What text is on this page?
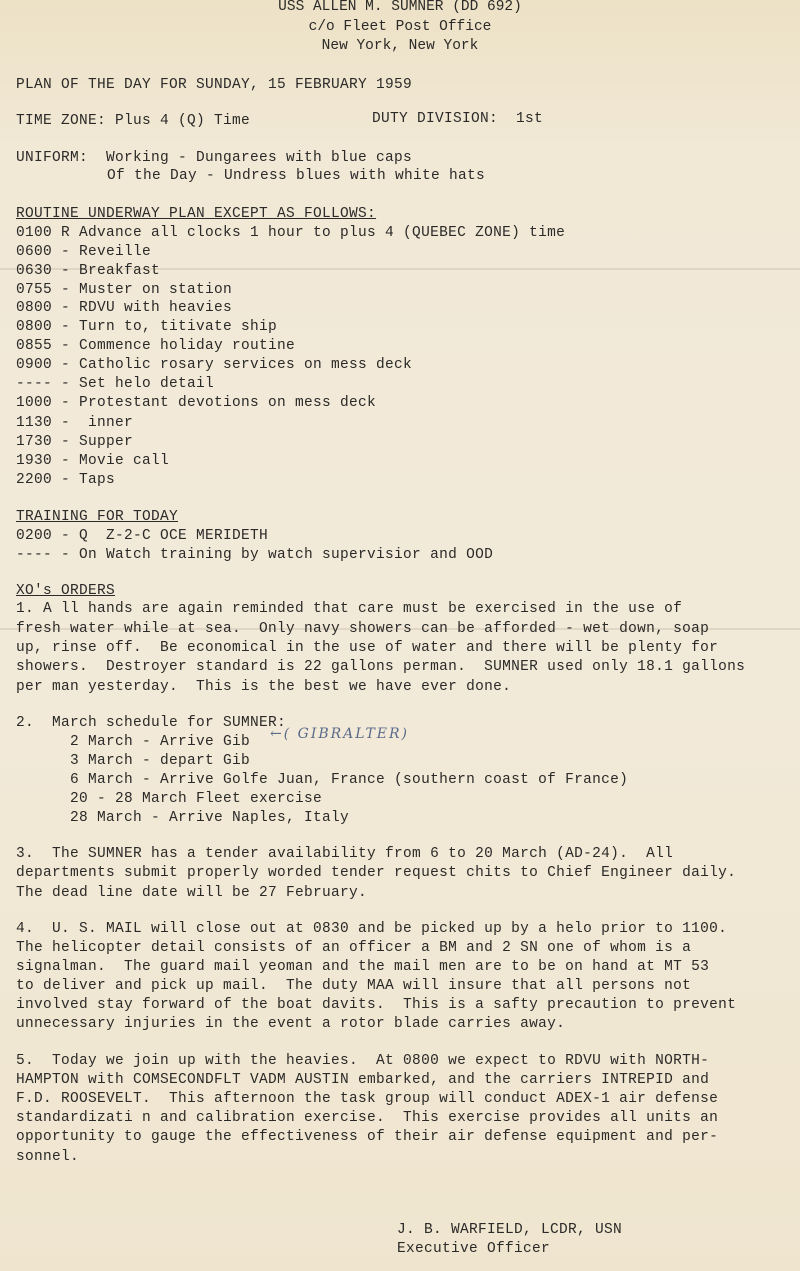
USS ALLEN M. SUMNER (DD 692)
c/o Fleet Post Office
New York, New York
PLAN OF THE DAY FOR SUNDAY, 15 FEBRUARY 1959
TIME ZONE: Plus 4 (Q) Time	DUTY DIVISION:  1st
UNIFORM:  Working - Dungarees with blue caps
Of the Day - Undress blues with white hats
ROUTINE UNDERWAY PLAN EXCEPT AS FOLLOWS:
0100 R Advance all clocks 1 hour to plus 4 (QUEBEC ZONE) time
0600 - Reveille
0630 - Breakfast
0755 - Muster on station
0800 - RDVU with heavies
0800 - Turn to, titivate ship
0855 - Commence holiday routine
0900 - Catholic rosary services on mess deck
---- - Set helo detail
1000 - Protestant devotions on mess deck
1130 -  inner
1730 - Supper
1930 - Movie call
2200 - Taps
TRAINING FOR TODAY
0200 - Q  Z-2-C OCE MERIDETH
---- - On Watch training by watch supervisior and OOD
XO's ORDERS
1. A ll hands are again reminded that care must be exercised in the use of
fresh water while at sea.  Only navy showers can be afforded - wet down, soap
up, rinse off.  Be economical in the use of water and there will be plenty for
showers.  Destroyer standard is 22 gallons perman.  SUMNER used only 18.1 gallons
per man yesterday.  This is the best we have ever done.
2.  March schedule for SUMNER:
2 March - Arrive Gib
3 March - depart Gib
6 March - Arrive Golfe Juan, France (southern coast of France)
20 - 28 March Fleet exercise
28 March - Arrive Naples, Italy
←( GIBRALTER)
3.  The SUMNER has a tender availability from 6 to 20 March (AD-24).  All
departments submit properly worded tender request chits to Chief Engineer daily.
The dead line date will be 27 February.
4.  U. S. MAIL will close out at 0830 and be picked up by a helo prior to 1100.
The helicopter detail consists of an officer a BM and 2 SN one of whom is a
signalman.  The guard mail yeoman and the mail men are to be on hand at MT 53
to deliver and pick up mail.  The duty MAA will insure that all persons not
involved stay forward of the boat davits.  This is a safty precaution to prevent
unnecessary injuries in the event a rotor blade carries away.
5.  Today we join up with the heavies.  At 0800 we expect to RDVU with NORTH-
HAMPTON with COMSECONDFLT VADM AUSTIN embarked, and the carriers INTREPID and
F.D. ROOSEVELT.  This afternoon the task group will conduct ADEX-1 air defense
standardizati n and calibration exercise.  This exercise provides all units an
opportunity to gauge the effectiveness of their air defense equipment and per-
sonnel.
J. B. WARFIELD, LCDR, USN
Executive Officer
